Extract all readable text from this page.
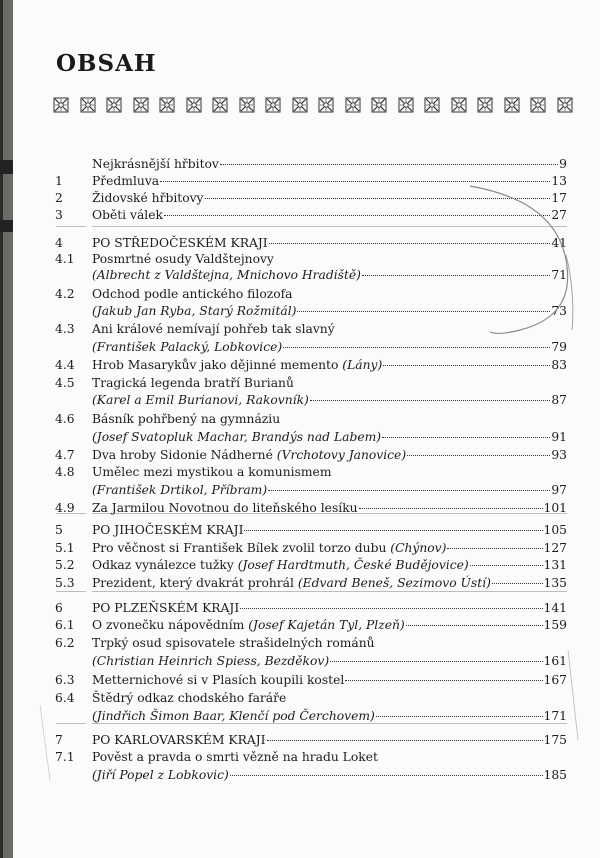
OBSAH
Nejkrásnější hřbitov	9
1 Předmluva	13
2 Židovské hřbitovy	17
3 Oběti válek	27
4 PO STŘEDOČESKÉM KRAJI	41
4.1 Posmrtné osudy Valdštejnovy
(Albrecht z Valdštejna, Mnichovo Hradiště)	71
4.2 Odchod podle antického filozofa
(Jakub Jan Ryba, Starý Rožmitál)	73
4.3 Ani králové nemívají pohřeb tak slavný
(František Palacký, Lobkovice)	79
4.4 Hrob Masarykův jako dějinné memento (Lány)	83
4.5 Tragická legenda bratří Burianů
(Karel a Emil Burianovi, Rakovník)	87
4.6 Básník pohřbený na gymnáziu
(Josef Svatopluk Machar, Brandýs nad Labem)	91
4.7 Dva hroby Sidonie Nádherné (Vrchotovy Janovice)	93
4.8 Umělec mezi mystikou a komunismem
(František Drtikol, Příbram)	97
4.9 Za Jarmilou Novotnou do liteňského lesíku	101
5 PO JIHOČESKÉM KRAJI	105
5.1 Pro věčnost si František Bílek zvolil torzo dubu (Chýnov)	127
5.2 Odkaz vynálezce tužky (Josef Hardtmuth, České Budějovice)	131
5.3 Prezident, který dvakrát prohrál (Edvard Beneš, Sezimovo Ústí)	135
6 PO PLZEŇSKÉM KRAJI	141
6.1 O zvonečku nápovědním (Josef Kajetán Tyl, Plzeň)	159
6.2 Trpký osud spisovatele strašidelných románů
(Christian Heinrich Spiess, Bezděkov)	161
6.3 Metternichové si v Plasích koupili kostel	167
6.4 Štědrý odkaz chodského faráře
(Jindřich Šimon Baar, Klenčí pod Čerchovem)	171
7 PO KARLOVARSKÉM KRAJI	175
7.1 Pověst a pravda o smrti vězně na hradu Loket
(Jiří Popel z Lobkovic)	185
